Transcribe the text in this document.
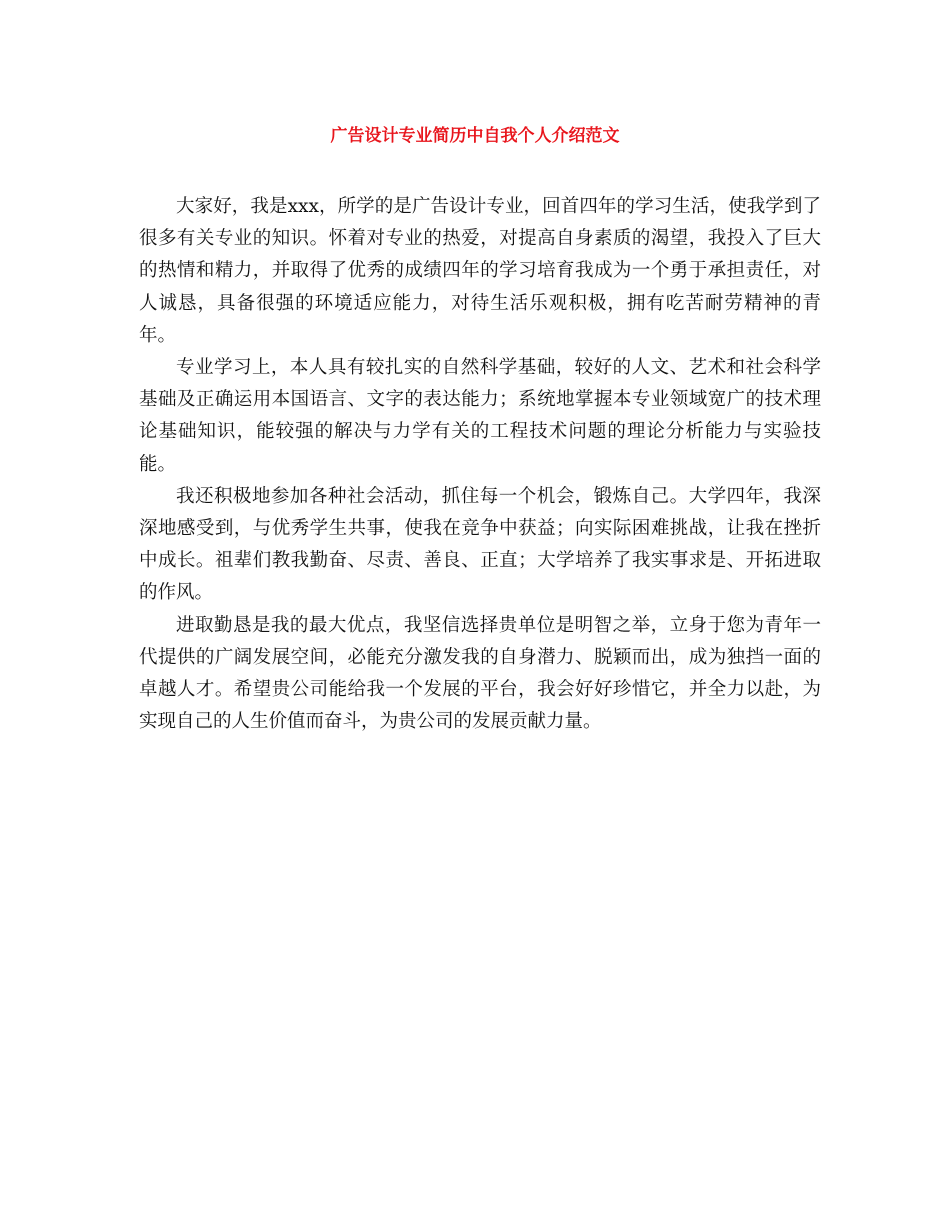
广告设计专业简历中自我个人介绍范文

大家好，我是xxx，所学的是广告设计专业，回首四年的学习生活，使我学到了很多有关专业的知识。怀着对专业的热爱，对提高自身素质的渴望，我投入了巨大的热情和精力，并取得了优秀的成绩四年的学习培育我成为一个勇于承担责任，对人诚恳，具备很强的环境适应能力，对待生活乐观积极，拥有吃苦耐劳精神的青年。

专业学习上，本人具有较扎实的自然科学基础，较好的人文、艺术和社会科学基础及正确运用本国语言、文字的表达能力；系统地掌握本专业领域宽广的技术理论基础知识，能较强的解决与力学有关的工程技术问题的理论分析能力与实验技能。

我还积极地参加各种社会活动，抓住每一个机会，锻炼自己。大学四年，我深深地感受到，与优秀学生共事，使我在竞争中获益；向实际困难挑战，让我在挫折中成长。祖辈们教我勤奋、尽责、善良、正直；大学培养了我实事求是、开拓进取的作风。

进取勤恳是我的最大优点，我坚信选择贵单位是明智之举，立身于您为青年一代提供的广阔发展空间，必能充分激发我的自身潜力、脱颖而出，成为独挡一面的卓越人才。希望贵公司能给我一个发展的平台，我会好好珍惜它，并全力以赴，为实现自己的人生价值而奋斗，为贵公司的发展贡献力量。
